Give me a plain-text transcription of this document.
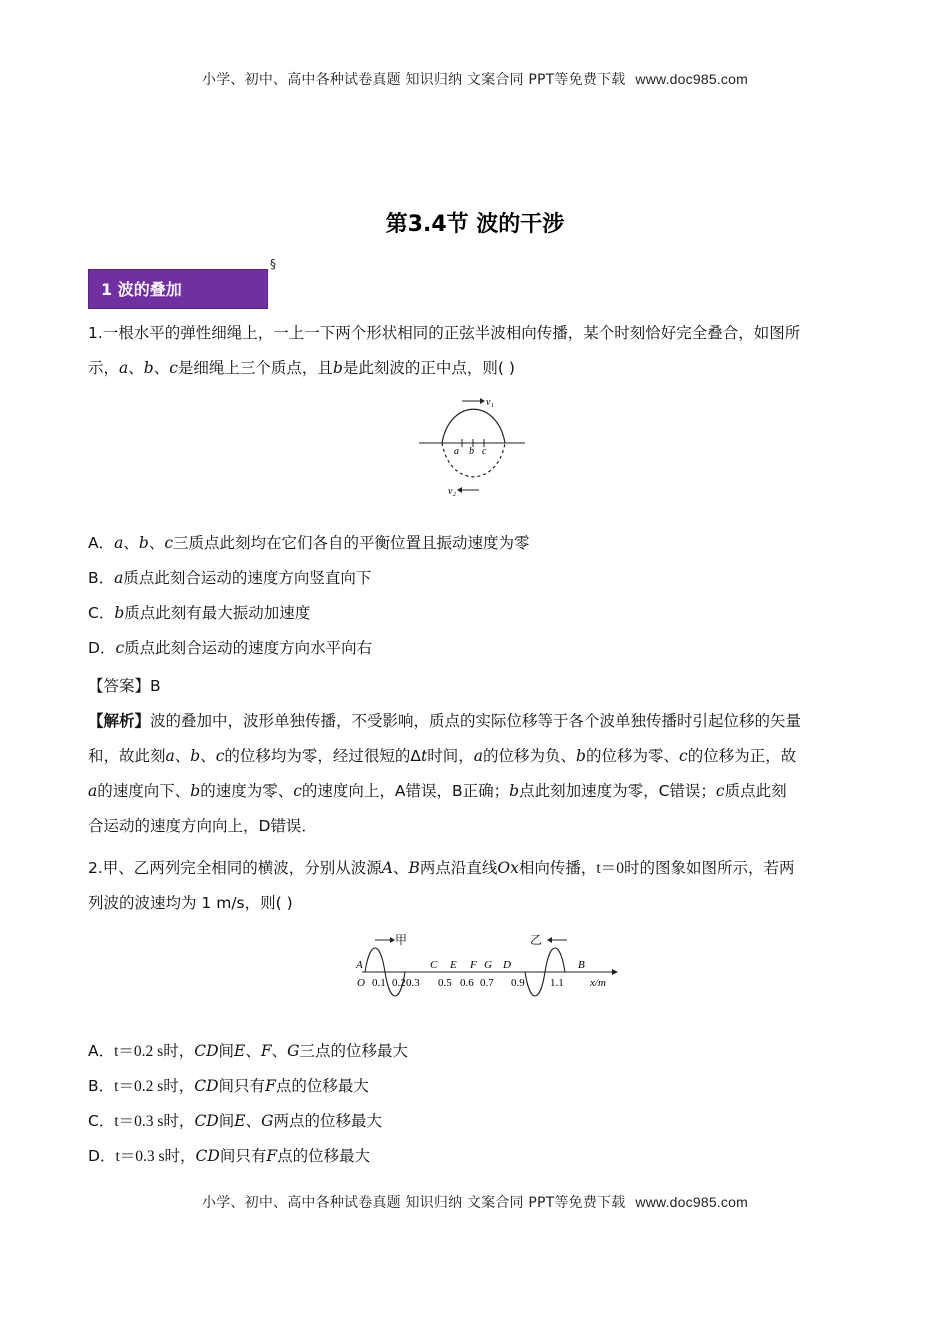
小学、初中、高中各种试卷真题 知识归纳 文案合同 PPT等免费下载 www.doc985.com
第3.4节 波的干涉
1 波的叠加
§
1.一根水平的弹性细绳上，一上一下两个形状相同的正弦半波相向传播，某个时刻恰好完全叠合，如图所
示，a、b、c是细绳上三个质点，且b是此刻波的正中点，则( )
v₁
a b c
v₂
A．a、b、c三质点此刻均在它们各自的平衡位置且振动速度为零
B．a质点此刻合运动的速度方向竖直向下
C．b质点此刻有最大振动加速度
D．c质点此刻合运动的速度方向水平向右
【答案】B
【解析】波的叠加中，波形单独传播，不受影响，质点的实际位移等于各个波单独传播时引起位移的矢量
和，故此刻a、b、c的位移均为零，经过很短的Δt时间，a的位移为负、b的位移为零、c的位移为正，故
a的速度向下、b的速度为零、c的速度向上，A错误，B正确；b点此刻加速度为零，C错误；c质点此刻
合运动的速度方向向上，D错误．
2.甲、乙两列完全相同的横波，分别从波源A、B两点沿直线Ox相向传播，t＝0时的图象如图所示，若两
列波的波速均为 1 m/s，则( )
甲	乙
A
O
C E F G D	B
0.1 0.2 0.3 0.5 0.6 0.7 0.9 1.1 x/m
A．t＝0.2 s时，CD间E、F、G三点的位移最大
B．t＝0.2 s时，CD间只有F点的位移最大
C．t＝0.3 s时，CD间E、G两点的位移最大
D．t＝0.3 s时，CD间只有F点的位移最大
小学、初中、高中各种试卷真题 知识归纳 文案合同 PPT等免费下载 www.doc985.com
